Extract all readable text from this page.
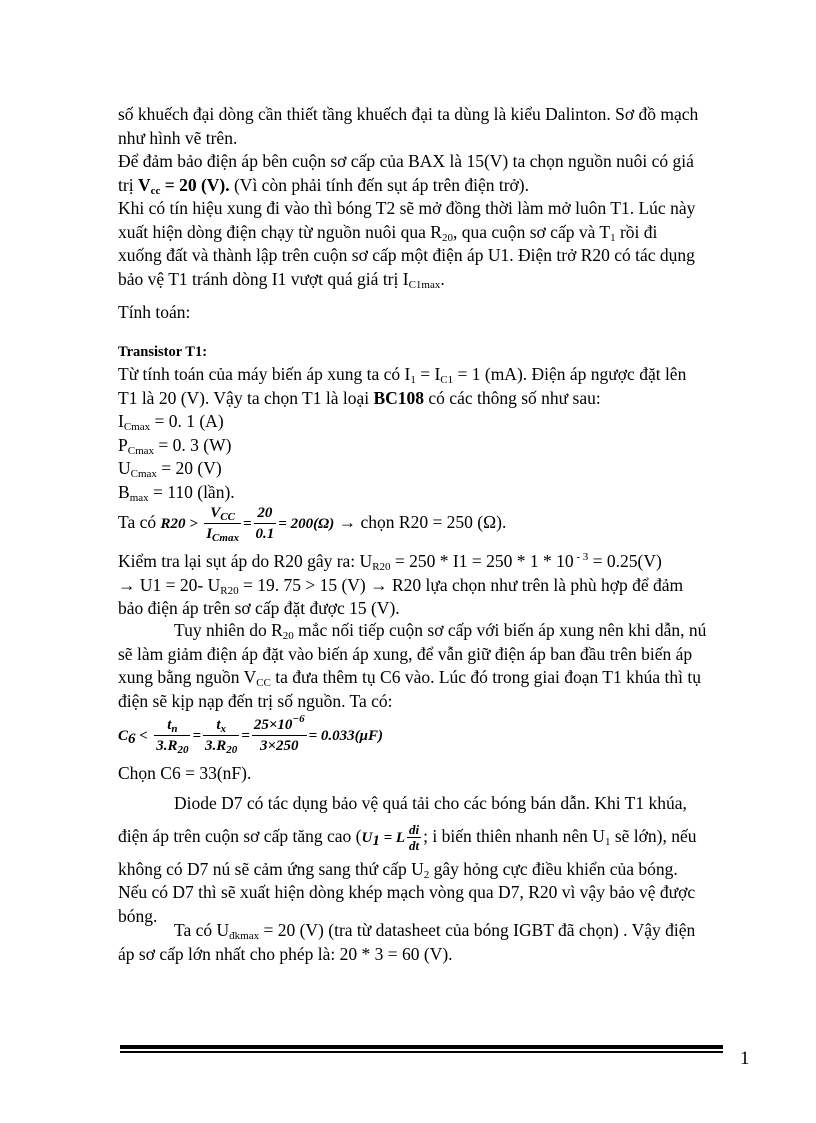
số khuếch đại dòng cần thiết tầng khuếch đại ta dùng là kiểu Dalinton. Sơ đồ mạch
như hình vẽ trên.
Để đảm bảo điện áp bên cuộn sơ cấp của BAX là 15(V) ta chọn nguồn nuôi có giá
trị $V_{cc} = 20$ (V). (Vì còn phải tính đến sụt áp trên điện trở).
Khi có tín hiệu xung đi vào thì bóng T2 sẽ mở đồng thời làm mở luôn T1. Lúc này
xuất hiện dòng điện chạy từ nguồn nuôi qua $R_{20}$, qua cuộn sơ cấp và $T_1$ rồi đi
xuống đất và thành lập trên cuộn sơ cấp một điện áp U1. Điện trở R20 có tác dụng
bảo vệ T1 tránh dòng I1 vượt quá giá trị $I_{C1max}$.
Tính toán:
Transistor T1:
Từ tính toán của máy biến áp xung ta có $I_1 = I_{C1} = 1$ (mA). Điện áp ngược đặt lên
T1 là 20 (V). Vậy ta chọn T1 là loại BC108 có các thông số như sau:
$I_{Cmax} = 0$. 1 (A)
$P_{Cmax} = 0$. 3 (W)
$U_{Cmax} = 20$ (V)
$B_{max} = 110$ (lần).
Ta có $R20 > \frac{V_{CC}}{I_{Cmax}} = \frac{20}{0.1} = 200(\Omega)$ → chọn R20 = 250 (Ω).
Kiểm tra lại sụt áp do R20 gây ra: $U_{R20} = 250 * I1 = 250 * 1 * 10$ $^{- 3}$ = 0.25(V)
→ U1 = 20- $U_{R20} = 19$. 75 > 15 (V) → R20 lựa chọn như trên là phù hợp để đảm
bảo điện áp trên sơ cấp đặt được 15 (V).
Tuy nhiên do $R_{20}$ mắc nối tiếp cuộn sơ cấp với biến áp xung nên khi dẫn, nú
sẽ làm giảm điện áp đặt vào biến áp xung, để vẫn giữ điện áp ban đầu trên biến áp
xung bằng nguồn $V_{CC}$ ta đưa thêm tụ C6 vào. Lúc đó trong giai đoạn T1 khúa thì tụ
điện sẽ kịp nạp đến trị số nguồn. Ta có:
$C_6 < \frac{t_n}{3.R_{20}} = \frac{t_x}{3.R_{20}} = \frac{25\times 10^{-6}}{3\times 250} = 0.033(\mu F)$
Chọn C6 = 33(nF).
Diode D7 có tác dụng bảo vệ quá tải cho các bóng bán dẫn. Khi T1 khúa,
điện áp trên cuộn sơ cấp tăng cao ($U_1 = L \frac{di}{dt}$ ; i biến thiên nhanh nên $U_1$ sẽ lớn), nếu
không có D7 nú sẽ cảm ứng sang thứ cấp $U_2$ gây hỏng cực điều khiển của bóng.
Nếu có D7 thì sẽ xuất hiện dòng khép mạch vòng qua D7, R20 vì vậy bảo vệ được
bóng.
Ta có $U_{đkmax} = 20$ (V) (tra từ datasheet của bóng IGBT đã chọn) . Vậy điện
áp sơ cấp lớn nhất cho phép là: 20 * 3 = 60 (V).
1
